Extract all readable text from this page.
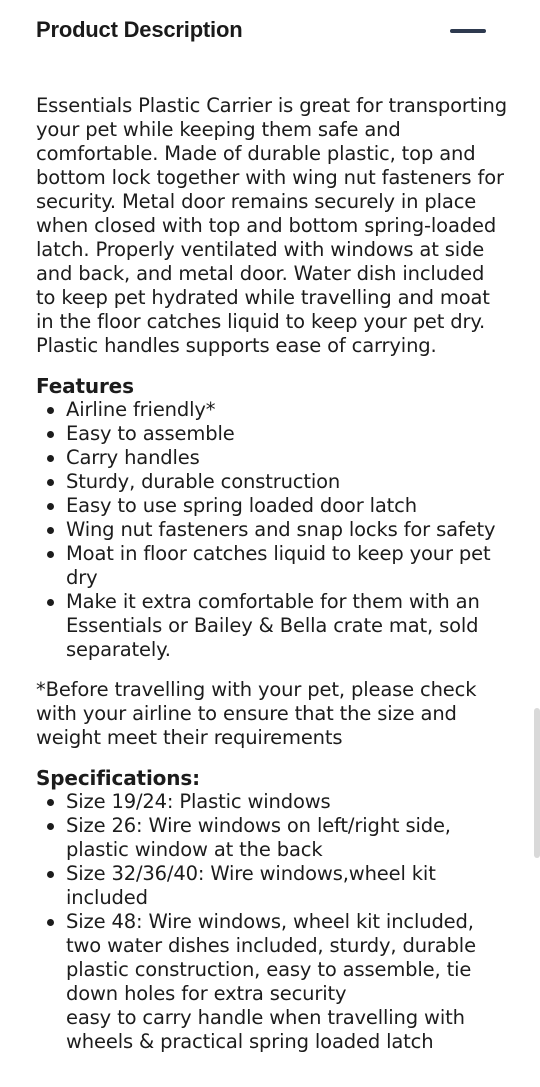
Product Description

Essentials Plastic Carrier is great for transporting your pet while keeping them safe and comfortable. Made of durable plastic, top and bottom lock together with wing nut fasteners for security. Metal door remains securely in place when closed with top and bottom spring-loaded latch. Properly ventilated with windows at side and back, and metal door. Water dish included to keep pet hydrated while travelling and moat in the floor catches liquid to keep your pet dry. Plastic handles supports ease of carrying.

Features

Airline friendly*
Easy to assemble
Carry handles
Sturdy, durable construction
Easy to use spring loaded door latch
Wing nut fasteners and snap locks for safety
Moat in floor catches liquid to keep your pet dry
Make it extra comfortable for them with an Essentials or Bailey & Bella crate mat, sold separately.

*Before travelling with your pet, please check with your airline to ensure that the size and weight meet their requirements

Specifications:

Size 19/24: Plastic windows
Size 26: Wire windows on left/right side, plastic window at the back
Size 32/36/40: Wire windows,wheel kit included
Size 48: Wire windows, wheel kit included, two water dishes included, sturdy, durable plastic construction, easy to assemble, tie down holes for extra security
easy to carry handle when travelling with wheels & practical spring loaded latch
